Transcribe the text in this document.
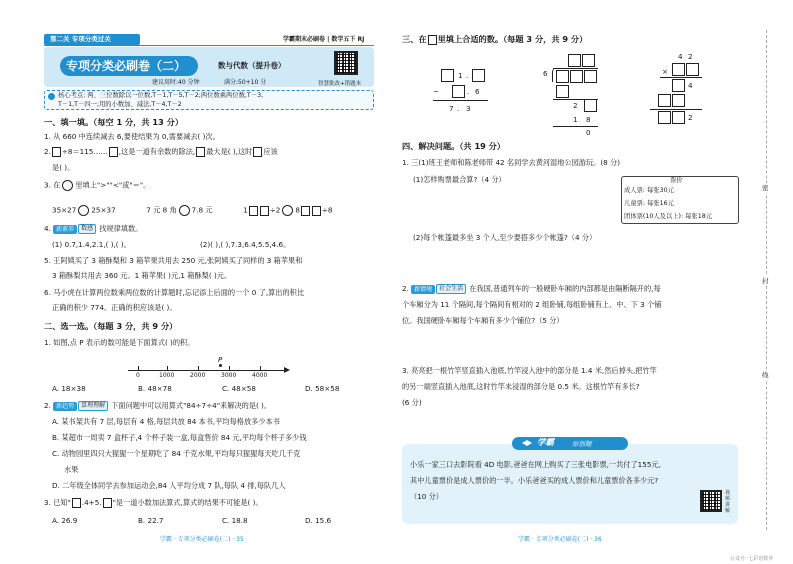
第二关 专项分类过关	学霸期末必刷卷 | 数学五下 RJ
专项分类必刷卷（二）	数与代数（提升卷）
建议用时:40 分钟	满分:50+10 分	智慧批改+错题本
核心考点: 两、三位数除以一位数,T－1,T－5,T－2;两位数乘两位数,T－3,
T－1,T－四一;用的小数加、减法,T－4,T－2
一、填一填。（每空 1 分，共 13 分）
1. 从 660 中连续减去 6,要使结果为 0,需要减去( )次。
2. ÷8＝115…… ,这是一道有余数的除法, 最大是( ),这时 应该
是( )。
3. 在 里填上">""<"或"＝"。
35×27 25×37	7 元 8 角 7.8 元	1	÷2 8	÷8
4. 新素养 数感 找规律填数。
(1) 0.7,1.4,2.1,( ),( )。	(2)( ),( ),7.3,6.4,5.5,4.6。
5. 王阿姨买了 3 箱酥梨和 3 箱苹果共用去 250 元,张阿姨买了同样的 3 箱苹果和
3 箱酥梨共用去 360 元。1 箱苹果( )元,1 箱酥梨( )元。
6. 马小虎在计算两位数乘两位数的计算题时,忘记添上后面的一个 0 了,算出的积比
正确的积少 774。正确的积应该是( )。
二、选一选。（每题 3 分，共 9 分）
1. 如图,点 P 表示的数可能是下面算式( )的积。
P
0	1000	2000	3000	4000
A. 18×38	B. 48×78	C. 48×58	D. 58×58
2. 新趋势 算理理解 下面问题中可以用算式"84÷7÷4"来解决的是( )。
A. 某书架共有 7 层,每层有 4 格,每层共放 84 本书,平均每格放多少本书
B. 某超市一周卖 7 盒杯子,4 个杯子装一盒,每盒售价 84 元,平均每个杯子多少钱
C. 动物园里四只大猩猩一个星期吃了 84 千克水果,平均每只猩猩每天吃几千克
水果
D. 二年级全体同学去参加运动会,84 人平均分成 7 队,每队 4 排,每队几人
3. 已知" .4+5. "是一道小数加法算式,算式的结果不可能是( )。
A. 26.9	B. 22.7	C. 18.8	D. 15.6
学霸 · 专项分类必刷卷(二) · 35
三、在 里填上合适的数。（每题 3 分，共 9 分）
1 .
−	. 6
7 . 3
6
2
1 8
0
4 2
×
4
2
四、解决问题。（共 19 分）
1. 三(1)班王老师和陈老师带 42 名同学去黄河湿地公园游玩。(8 分)
(1)怎样购票最合算?（4 分）	票价
成人票: 每张30元
儿童票: 每张16元
团体票(10人及以上): 每张18元
(2)每个帐篷最多坐 3 个人,至少要搭多少个帐篷?（4 分）
2. 新情境 社会生活 在我国,普通列车的一般硬卧车厢的内部都是由隔断隔开的,每
个车厢分为 11 个隔间,每个隔间有相对的 2 组卧铺,每组卧铺有上、中、下 3 个铺
位。我国硬卧车厢每个车厢有多少个铺位?（5 分）
3. 亮亮把一根竹竿竖直插入池底,竹竿浸入池中的部分是 1.4 米,然后掉头,把竹竿
的另一端竖直插入池底,这时竹竿未浸湿的部分是 0.5 米。这根竹竿有多长?
(6 分)
学霸	原创题
小乐一家三口去影院看 4D 电影,爸爸在网上购买了三张电影票,一共付了155元,
其中儿童票价是成人票价的一半。小乐爸爸买的成人票价和儿童票价各多少元?
（10 分）	视频讲解
学霸 · 专项分类必刷卷(二) · 36
公众号: 七彩语数外
密
封
线
